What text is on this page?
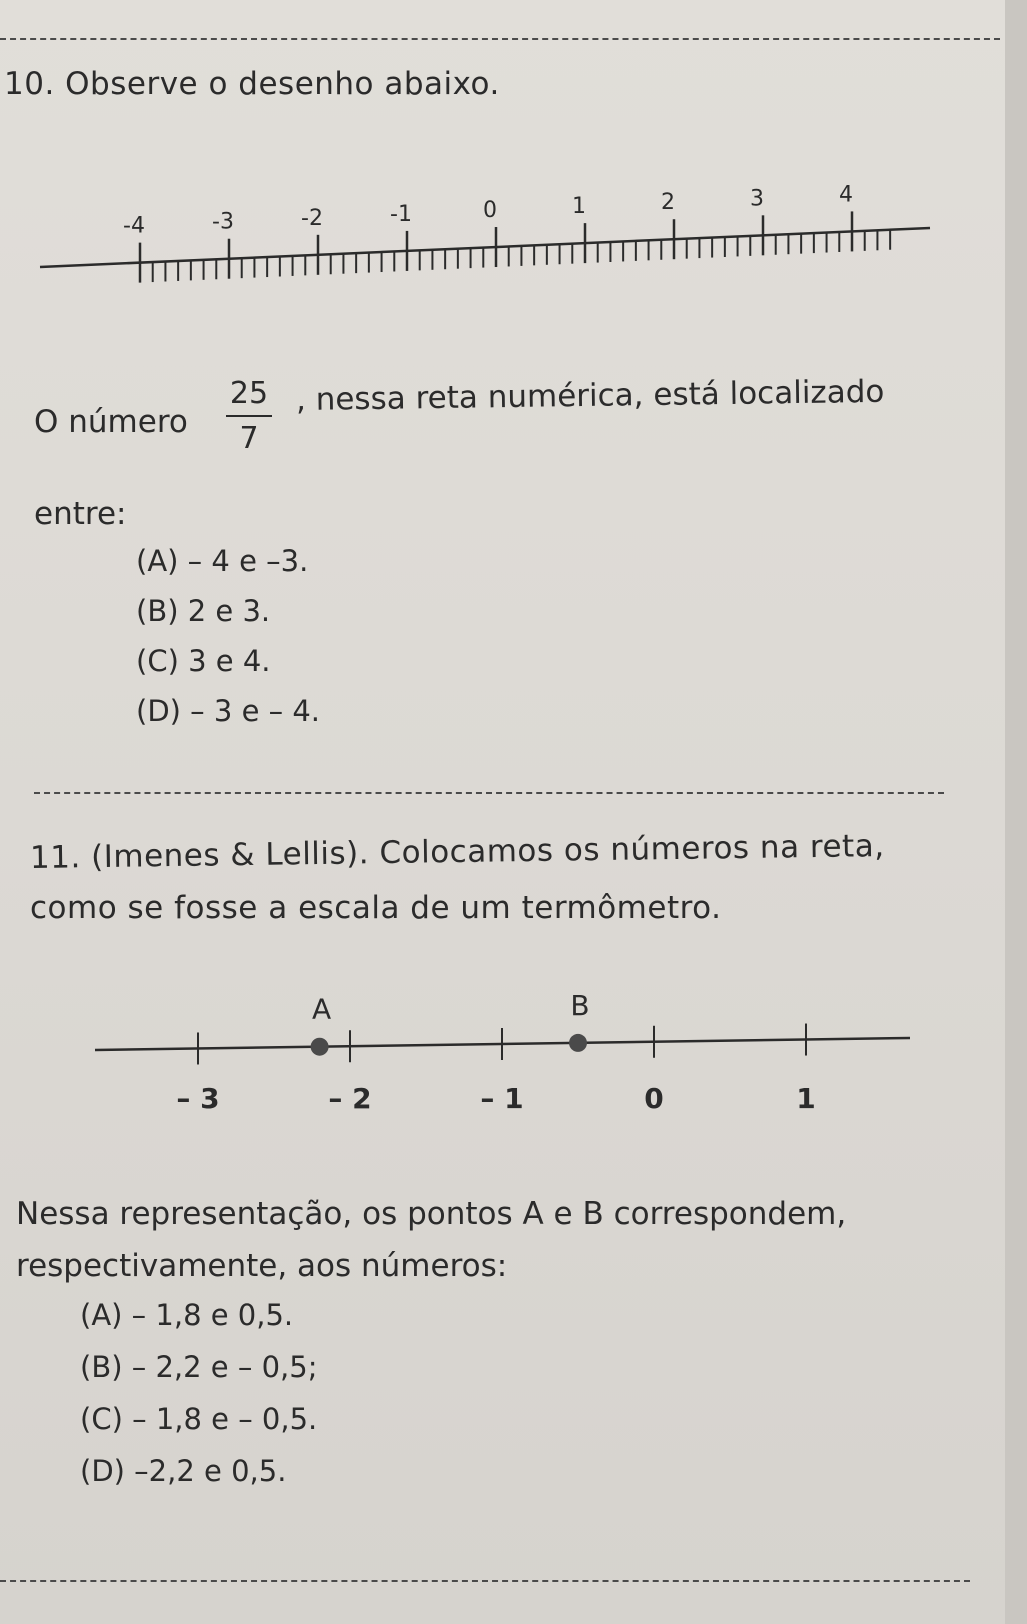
10. Observe o desenho abaixo.
-4	-3	-2	-1	0	1	2	3	4
O número
25
7
, nessa reta numérica, está localizado
entre:
(A) – 4 e –3.
(B) 2 e 3.
(C) 3 e 4.
(D) – 3 e – 4.
11. (Imenes & Lellis). Colocamos os números na reta,
como se fosse a escala de um termômetro.
– 3	– 2	– 1	0	1
A	B
Nessa representação, os pontos A e B correspondem,
respectivamente, aos números:
(A) – 1,8 e 0,5.
(B) – 2,2 e – 0,5;
(C) – 1,8 e – 0,5.
(D) –2,2 e 0,5.
